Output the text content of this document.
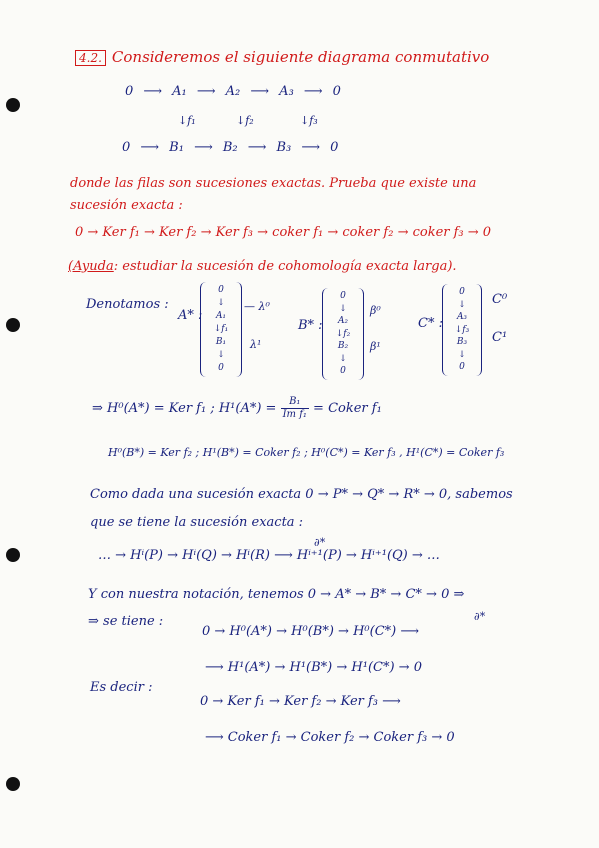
4.2. Consideremos el siguiente diagrama conmutativo
0 ⟶ A₁ ⟶ A₂ ⟶ A₃ ⟶ 0
↓f₁	↓f₂	↓f₃
0 ⟶ B₁ ⟶ B₂ ⟶ B₃ ⟶ 0
donde las filas son sucesiones exactas. Prueba que existe una
sucesión exacta :
0 → Ker f₁ → Ker f₂ → Ker f₃ → coker f₁ → coker f₂ → coker f₃ → 0
(Ayuda: estudiar la sucesión de cohomología exacta larga).
Denotamos :
A* :
0
↓
A₁
↓f₁
B₁
↓
0
— λ⁰
λ¹
B* :
0
↓
A₂
↓f₂
B₂
↓
0
β⁰
β¹
C* :
0
↓
A₃
↓f₃
B₃
↓
0
C⁰
C¹
⇒ H⁰(A*) = Ker f₁ ; $H^1(A*) = \frac{\text{B₁}}{\text{Im f₁}}$ = Coker f₁
H⁰(B*) = Ker f₂ ; H¹(B*) = Coker f₂ ; H⁰(C*) = Ker f₃ , H¹(C*) = Coker f₃
Como dada una sucesión exacta 0 → P* → Q* → R* → 0, sabemos
que se tiene la sucesión exacta :
∂*
… → Hⁱ(P) → Hⁱ(Q) → Hⁱ(R) ⟶ Hⁱ⁺¹(P) → Hⁱ⁺¹(Q) → …
Y con nuestra notación, tenemos 0 → A* → B* → C* → 0 ⇒
⇒ se tiene :	∂*
0 → H⁰(A*) → H⁰(B*) → H⁰(C*) ⟶
⟶ H¹(A*) → H¹(B*) → H¹(C*) → 0
Es decir :
0 → Ker f₁ → Ker f₂ → Ker f₃ ⟶
⟶ Coker f₁ → Coker f₂ → Coker f₃ → 0
